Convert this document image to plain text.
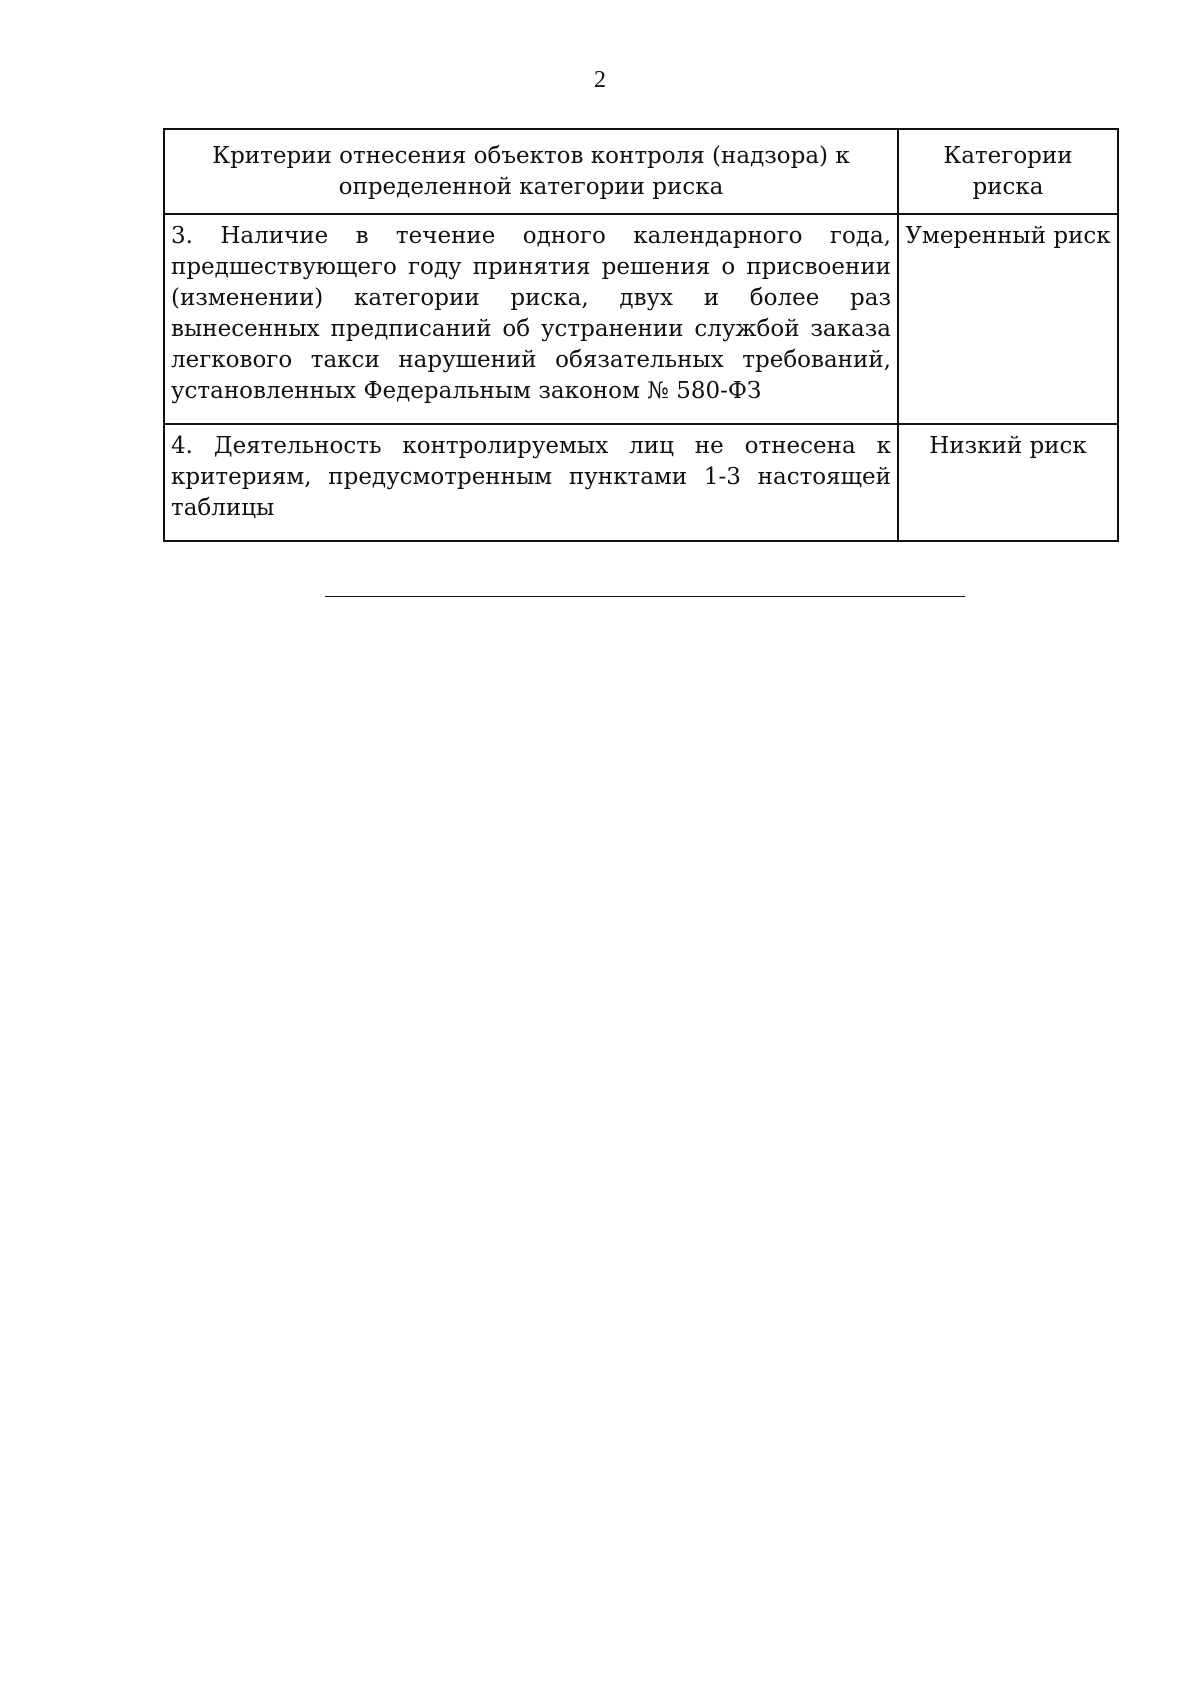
2
Критерии отнесения объектов контроля (надзора) к определенной категории риска	Категории риска
3. Наличие в течение одного календарного года, предшествующего году принятия решения о присвоении (изменении) категории риска, двух и более раз вынесенных предписаний об устранении службой заказа легкового такси нарушений обязательных требований, установленных Федеральным законом № 580-ФЗ	Умеренный риск
4. Деятельность контролируемых лиц не отнесена к критериям, предусмотренным пунктами 1-3 настоящей таблицы	Низкий риск
